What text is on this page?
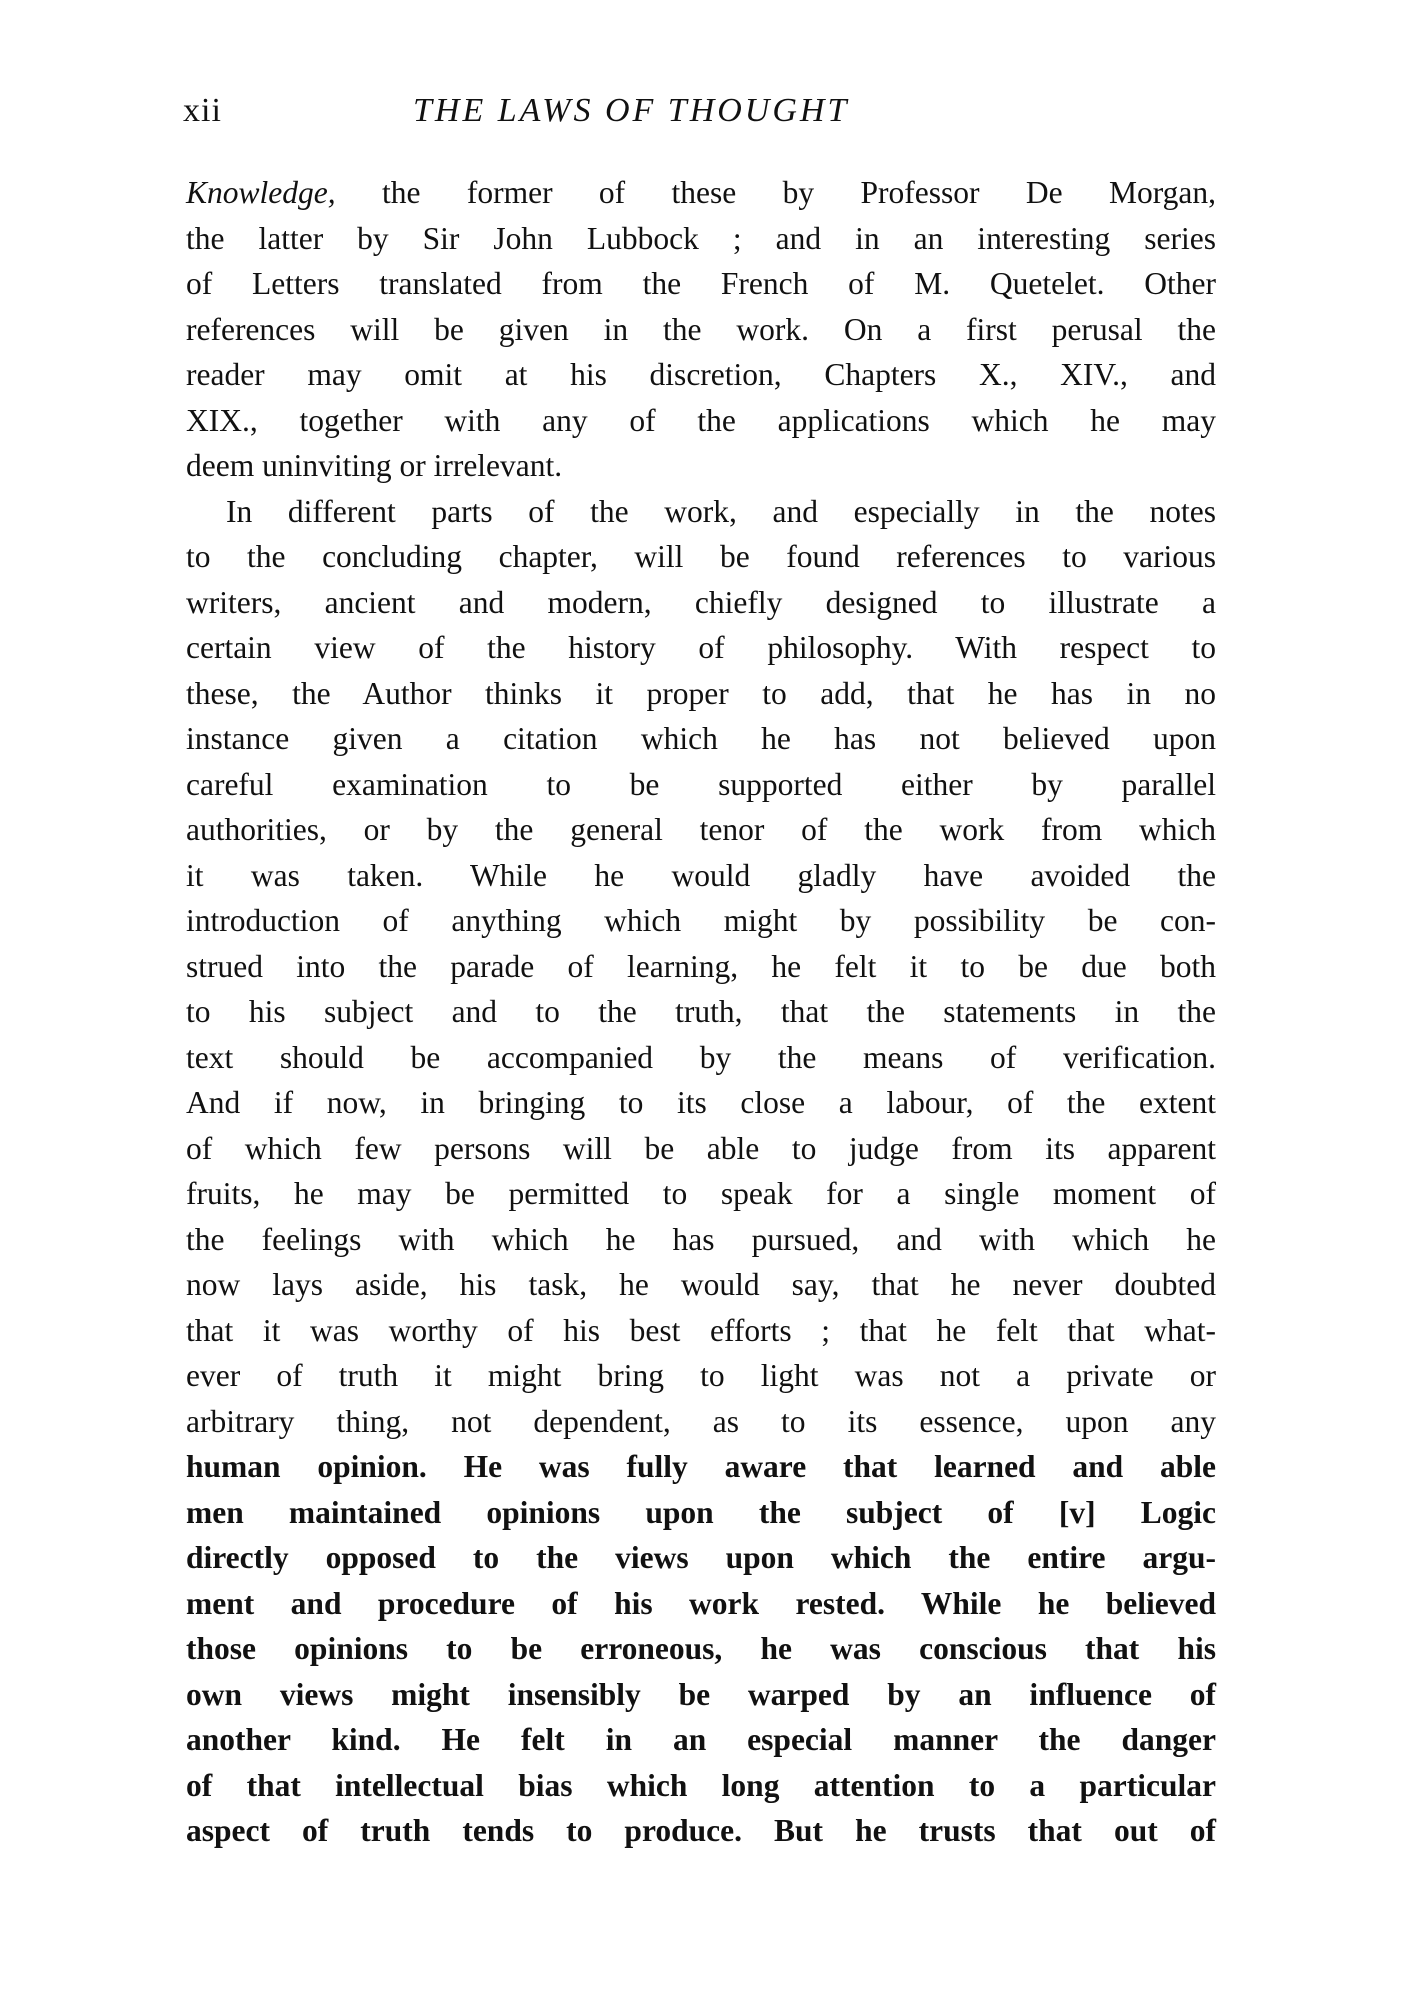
xii	THE LAWS OF THOUGHT
Knowledge, the former of these by Professor De Morgan,
the latter by Sir John Lubbock ; and in an interesting series
of Letters translated from the French of M. Quetelet. Other
references will be given in the work. On a first perusal the
reader may omit at his discretion, Chapters X., XIV., and
XIX., together with any of the applications which he may
deem uninviting or irrelevant.
In different parts of the work, and especially in the notes
to the concluding chapter, will be found references to various
writers, ancient and modern, chiefly designed to illustrate a
certain view of the history of philosophy. With respect to
these, the Author thinks it proper to add, that he has in no
instance given a citation which he has not believed upon
careful examination to be supported either by parallel
authorities, or by the general tenor of the work from which
it was taken. While he would gladly have avoided the
introduction of anything which might by possibility be con-
strued into the parade of learning, he felt it to be due both
to his subject and to the truth, that the statements in the
text should be accompanied by the means of verification.
And if now, in bringing to its close a labour, of the extent
of which few persons will be able to judge from its apparent
fruits, he may be permitted to speak for a single moment of
the feelings with which he has pursued, and with which he
now lays aside, his task, he would say, that he never doubted
that it was worthy of his best efforts ; that he felt that what-
ever of truth it might bring to light was not a private or
arbitrary thing, not dependent, as to its essence, upon any
human opinion. He was fully aware that learned and able
men maintained opinions upon the subject of [v] Logic
directly opposed to the views upon which the entire argu-
ment and procedure of his work rested. While he believed
those opinions to be erroneous, he was conscious that his
own views might insensibly be warped by an influence of
another kind. He felt in an especial manner the danger
of that intellectual bias which long attention to a particular
aspect of truth tends to produce. But he trusts that out of
